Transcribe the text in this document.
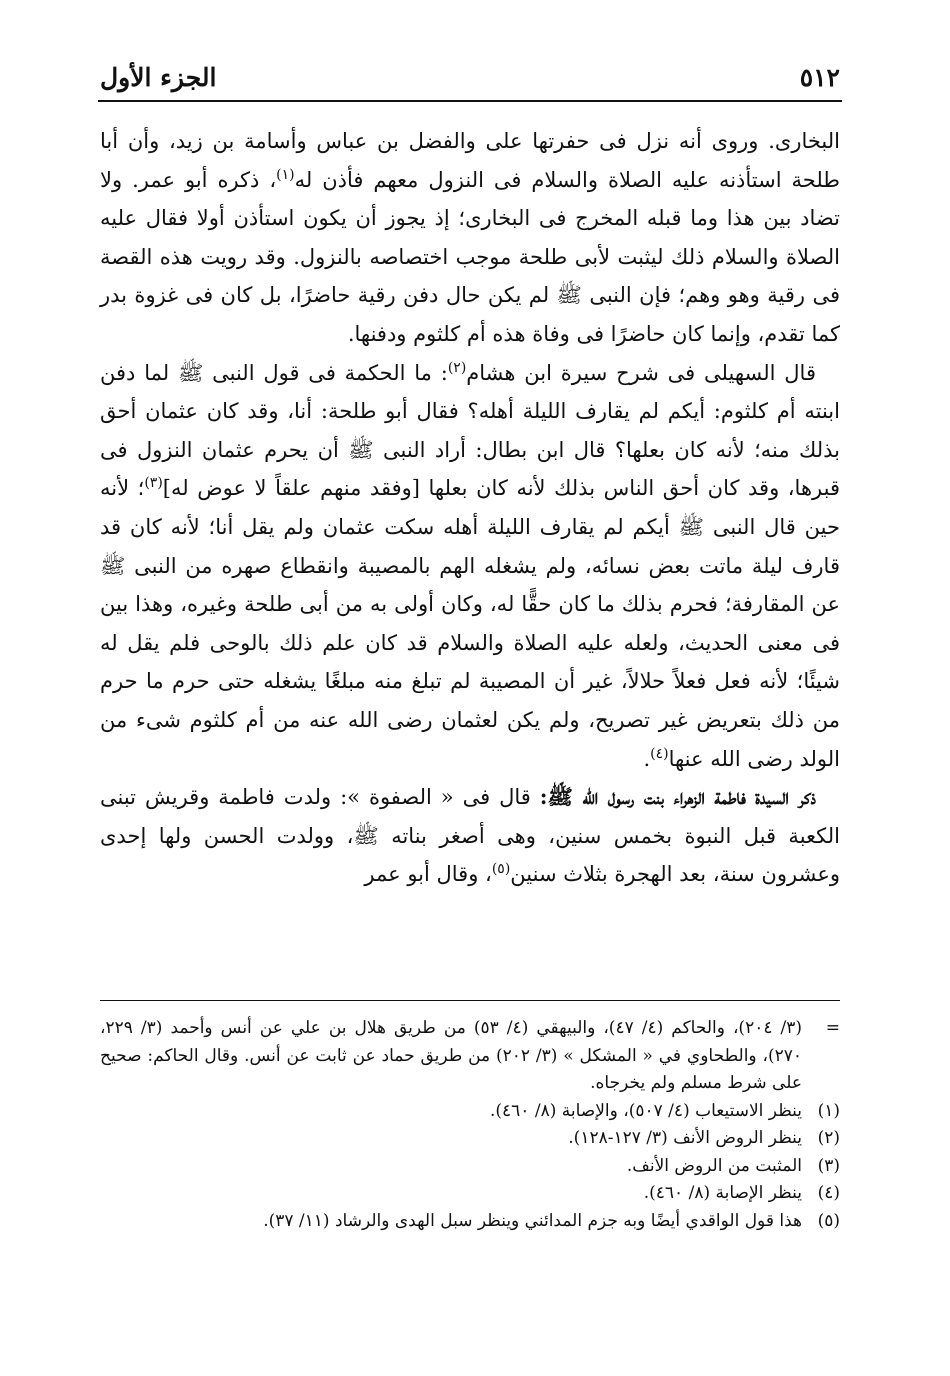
٥١٢
الجزء الأول

البخارى. وروى أنه نزل فى حفرتها على والفضل بن عباس وأسامة بن زيد، وأن أبا طلحة استأذنه عليه الصلاة والسلام فى النزول معهم فأذن له$^{(١)}$، ذكره أبو عمر. ولا تضاد بين هذا وما قبله المخرج فى البخارى؛ إذ يجوز أن يكون استأذن أولا فقال عليه الصلاة والسلام ذلك ليثبت لأبى طلحة موجب اختصاصه بالنزول. وقد رويت هذه القصة فى رقية وهو وهم؛ فإن النبى ﷺ لم يكن حال دفن رقية حاضرًا، بل كان فى غزوة بدر كما تقدم، وإنما كان حاضرًا فى وفاة هذه أم كلثوم ودفنها.

قال السهيلى فى شرح سيرة ابن هشام$^{(٢)}$: ما الحكمة فى قول النبى ﷺ لما دفن ابنته أم كلثوم: أيكم لم يقارف الليلة أهله؟ فقال أبو طلحة: أنا، وقد كان عثمان أحق بذلك منه؛ لأنه كان بعلها؟ قال ابن بطال: أراد النبى ﷺ أن يحرم عثمان النزول فى قبرها، وقد كان أحق الناس بذلك لأنه كان بعلها [وفقد منهم علقاً لا عوض له]$^{(٣)}$؛ لأنه حين قال النبى ﷺ أيكم لم يقارف الليلة أهله سكت عثمان ولم يقل أنا؛ لأنه كان قد قارف ليلة ماتت بعض نسائه، ولم يشغله الهم بالمصيبة وانقطاع صهره من النبى ﷺ عن المقارفة؛ فحرم بذلك ما كان حقًّا له، وكان أولى به من أبى طلحة وغيره، وهذا بين فى معنى الحديث، ولعله عليه الصلاة والسلام قد كان علم ذلك بالوحى فلم يقل له شيئًا؛ لأنه فعل فعلاً حلالاً، غير أن المصيبة لم تبلغ منه مبلغًا يشغله حتى حرم ما حرم من ذلك بتعريض غير تصريح، ولم يكن لعثمان رضى الله عنه من أم كلثوم شىء من الولد رضى الله عنها$^{(٤)}$.

ذكر السيدة فاطمة الزهراء بنت رسول الله ﷺ: قال فى « الصفوة »: ولدت فاطمة وقريش تبنى الكعبة قبل النبوة بخمس سنين، وهى أصغر بناته ﷺ، وولدت الحسن ولها إحدى وعشرون سنة، بعد الهجرة بثلاث سنين$^{(٥)}$، وقال أبو عمر

=
(٣/ ٢٠٤)، والحاكم (٤/ ٤٧)، والبيهقي (٤/ ٥٣) من طريق هلال بن علي عن أنس وأحمد (٣/ ٢٢٩، ٢٧٠)، والطحاوي في « المشكل » (٣/ ٢٠٢) من طريق حماد عن ثابت عن أنس. وقال الحاكم: صحيح على شرط مسلم ولم يخرجاه.
(١)
ينظر الاستيعاب (٤/ ٥٠٧)، والإصابة (٨/ ٤٦٠).
(٢)
ينظر الروض الأنف (٣/ ١٢٧-١٢٨).
(٣)
المثبت من الروض الأنف.
(٤)
ينظر الإصابة (٨/ ٤٦٠).
(٥)
هذا قول الواقدي أيضًا وبه جزم المدائني وينظر سبل الهدى والرشاد (١١/ ٣٧).
